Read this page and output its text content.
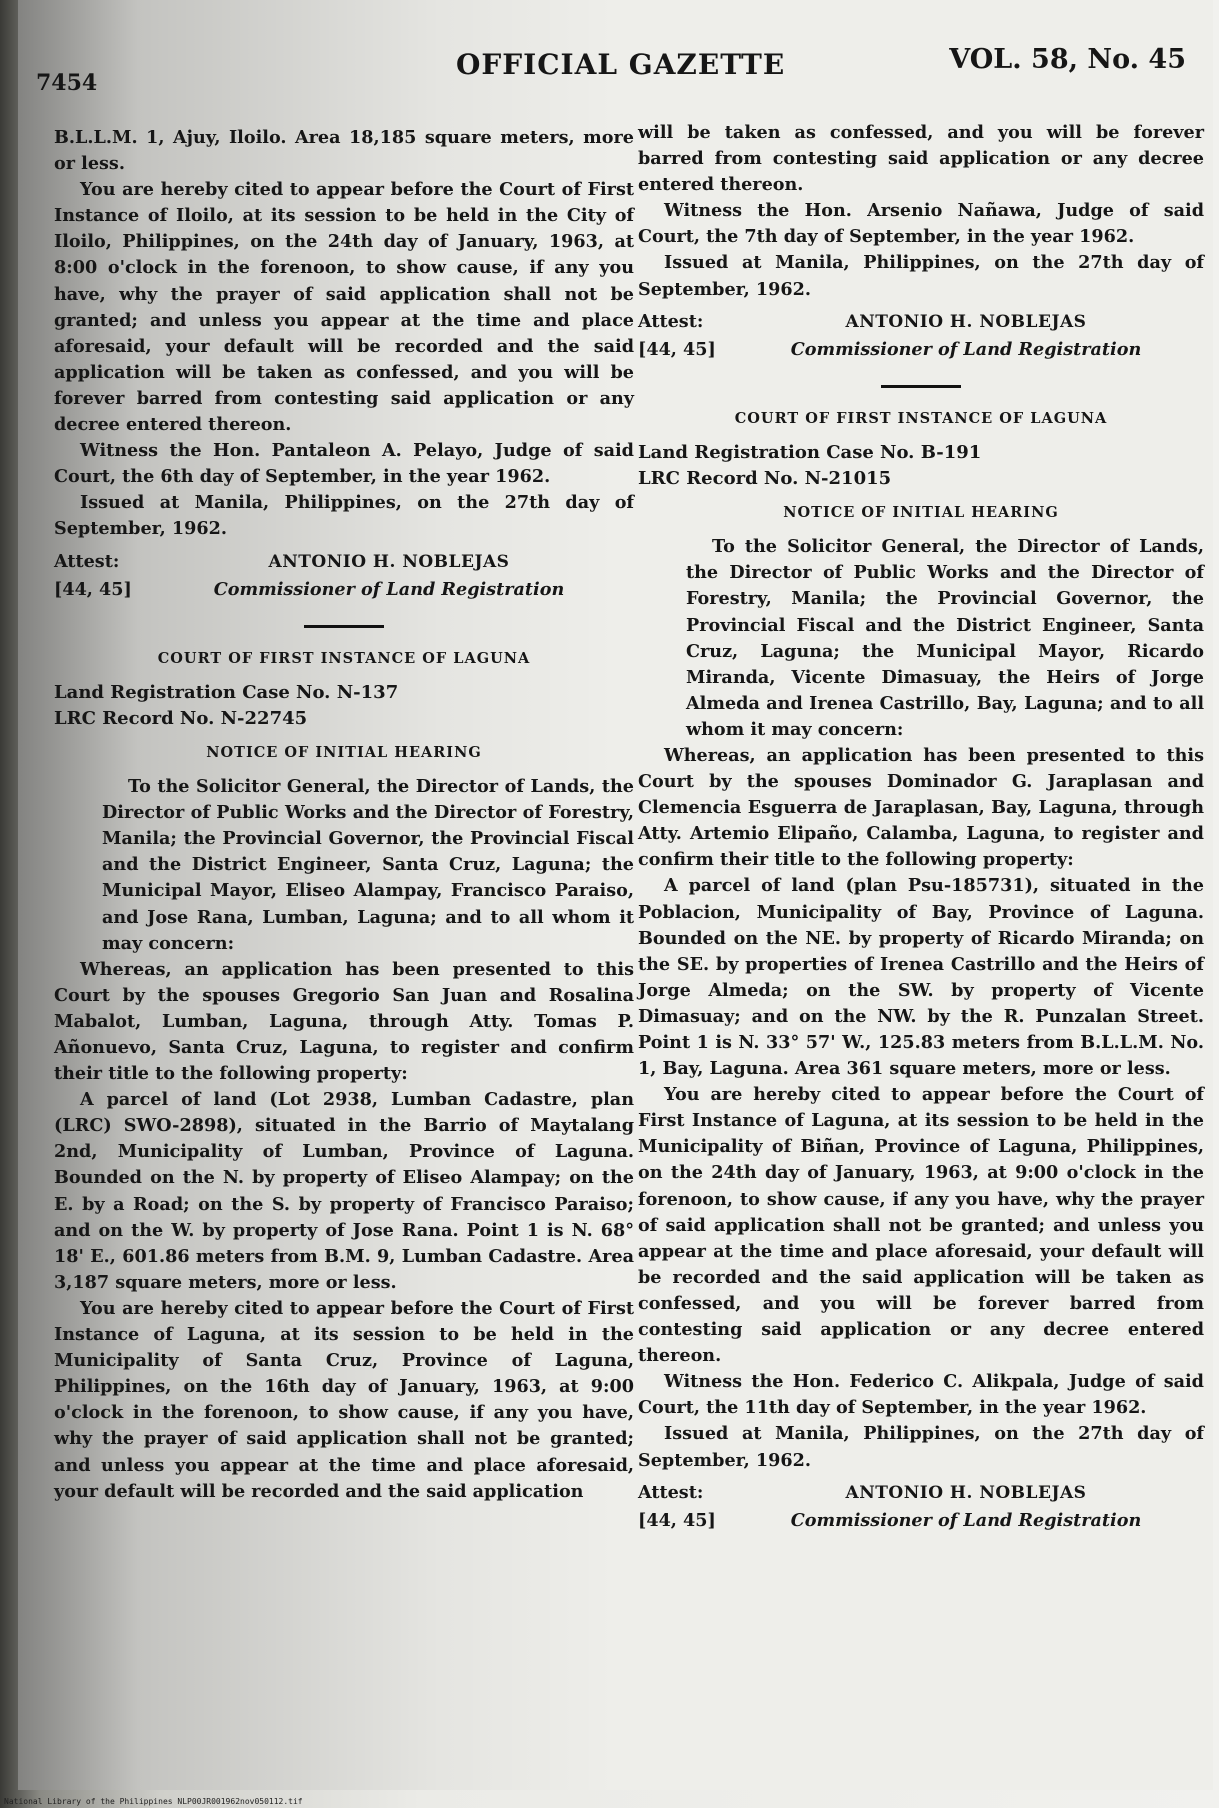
7454
OFFICIAL GAZETTE	VOL. 58, No. 45

B.L.L.M. 1, Ajuy, Iloilo. Area 18,185 square meters, more or less.

You are hereby cited to appear before the Court of First Instance of Iloilo, at its session to be held in the City of Iloilo, Philippines, on the 24th day of January, 1963, at 8:00 o'clock in the forenoon, to show cause, if any you have, why the prayer of said application shall not be granted; and unless you appear at the time and place aforesaid, your default will be recorded and the said application will be taken as confessed, and you will be forever barred from contesting said application or any decree entered thereon.

Witness the Hon. Pantaleon A. Pelayo, Judge of said Court, the 6th day of September, in the year 1962.

Issued at Manila, Philippines, on the 27th day of September, 1962.

Attest:	ANTONIO H. NOBLEJAS
[44, 45]	Commissioner of Land Registration
COURT OF FIRST INSTANCE OF LAGUNA

Land Registration Case No. N-137

LRC Record No. N-22745

NOTICE OF INITIAL HEARING

To the Solicitor General, the Director of Lands, the Director of Public Works and the Director of Forestry, Manila; the Provincial Governor, the Provincial Fiscal and the District Engineer, Santa Cruz, Laguna; the Municipal Mayor, Eliseo Alampay, Francisco Paraiso, and Jose Rana, Lumban, Laguna; and to all whom it may concern:

Whereas, an application has been presented to this Court by the spouses Gregorio San Juan and Rosalina Mabalot, Lumban, Laguna, through Atty. Tomas P. Añonuevo, Santa Cruz, Laguna, to register and confirm their title to the following property:

A parcel of land (Lot 2938, Lumban Cadastre, plan (LRC) SWO-2898), situated in the Barrio of Maytalang 2nd, Municipality of Lumban, Province of Laguna. Bounded on the N. by property of Eliseo Alampay; on the E. by a Road; on the S. by property of Francisco Paraiso; and on the W. by property of Jose Rana. Point 1 is N. 68° 18' E., 601.86 meters from B.M. 9, Lumban Cadastre. Area 3,187 square meters, more or less.

You are hereby cited to appear before the Court of First Instance of Laguna, at its session to be held in the Municipality of Santa Cruz, Province of Laguna, Philippines, on the 16th day of January, 1963, at 9:00 o'clock in the forenoon, to show cause, if any you have, why the prayer of said application shall not be granted; and unless you appear at the time and place aforesaid, your default will be recorded and the said application

will be taken as confessed, and you will be forever barred from contesting said application or any decree entered thereon.

Witness the Hon. Arsenio Nañawa, Judge of said Court, the 7th day of September, in the year 1962.

Issued at Manila, Philippines, on the 27th day of September, 1962.

Attest:	ANTONIO H. NOBLEJAS
[44, 45]	Commissioner of Land Registration
COURT OF FIRST INSTANCE OF LAGUNA

Land Registration Case No. B-191

LRC Record No. N-21015

NOTICE OF INITIAL HEARING

To the Solicitor General, the Director of Lands, the Director of Public Works and the Director of Forestry, Manila; the Provincial Governor, the Provincial Fiscal and the District Engineer, Santa Cruz, Laguna; the Municipal Mayor, Ricardo Miranda, Vicente Dimasuay, the Heirs of Jorge Almeda and Irenea Castrillo, Bay, Laguna; and to all whom it may concern:

Whereas, an application has been presented to this Court by the spouses Dominador G. Jaraplasan and Clemencia Esguerra de Jaraplasan, Bay, Laguna, through Atty. Artemio Elipaño, Calamba, Laguna, to register and confirm their title to the following property:

A parcel of land (plan Psu-185731), situated in the Poblacion, Municipality of Bay, Province of Laguna. Bounded on the NE. by property of Ricardo Miranda; on the SE. by properties of Irenea Castrillo and the Heirs of Jorge Almeda; on the SW. by property of Vicente Dimasuay; and on the NW. by the R. Punzalan Street. Point 1 is N. 33° 57' W., 125.83 meters from B.L.L.M. No. 1, Bay, Laguna. Area 361 square meters, more or less.

You are hereby cited to appear before the Court of First Instance of Laguna, at its session to be held in the Municipality of Biñan, Province of Laguna, Philippines, on the 24th day of January, 1963, at 9:00 o'clock in the forenoon, to show cause, if any you have, why the prayer of said application shall not be granted; and unless you appear at the time and place aforesaid, your default will be recorded and the said application will be taken as confessed, and you will be forever barred from contesting said application or any decree entered thereon.

Witness the Hon. Federico C. Alikpala, Judge of said Court, the 11th day of September, in the year 1962.

Issued at Manila, Philippines, on the 27th day of September, 1962.

Attest:	ANTONIO H. NOBLEJAS
[44, 45]	Commissioner of Land Registration
National Library of the Philippines NLP00JR001962nov050112.tif
